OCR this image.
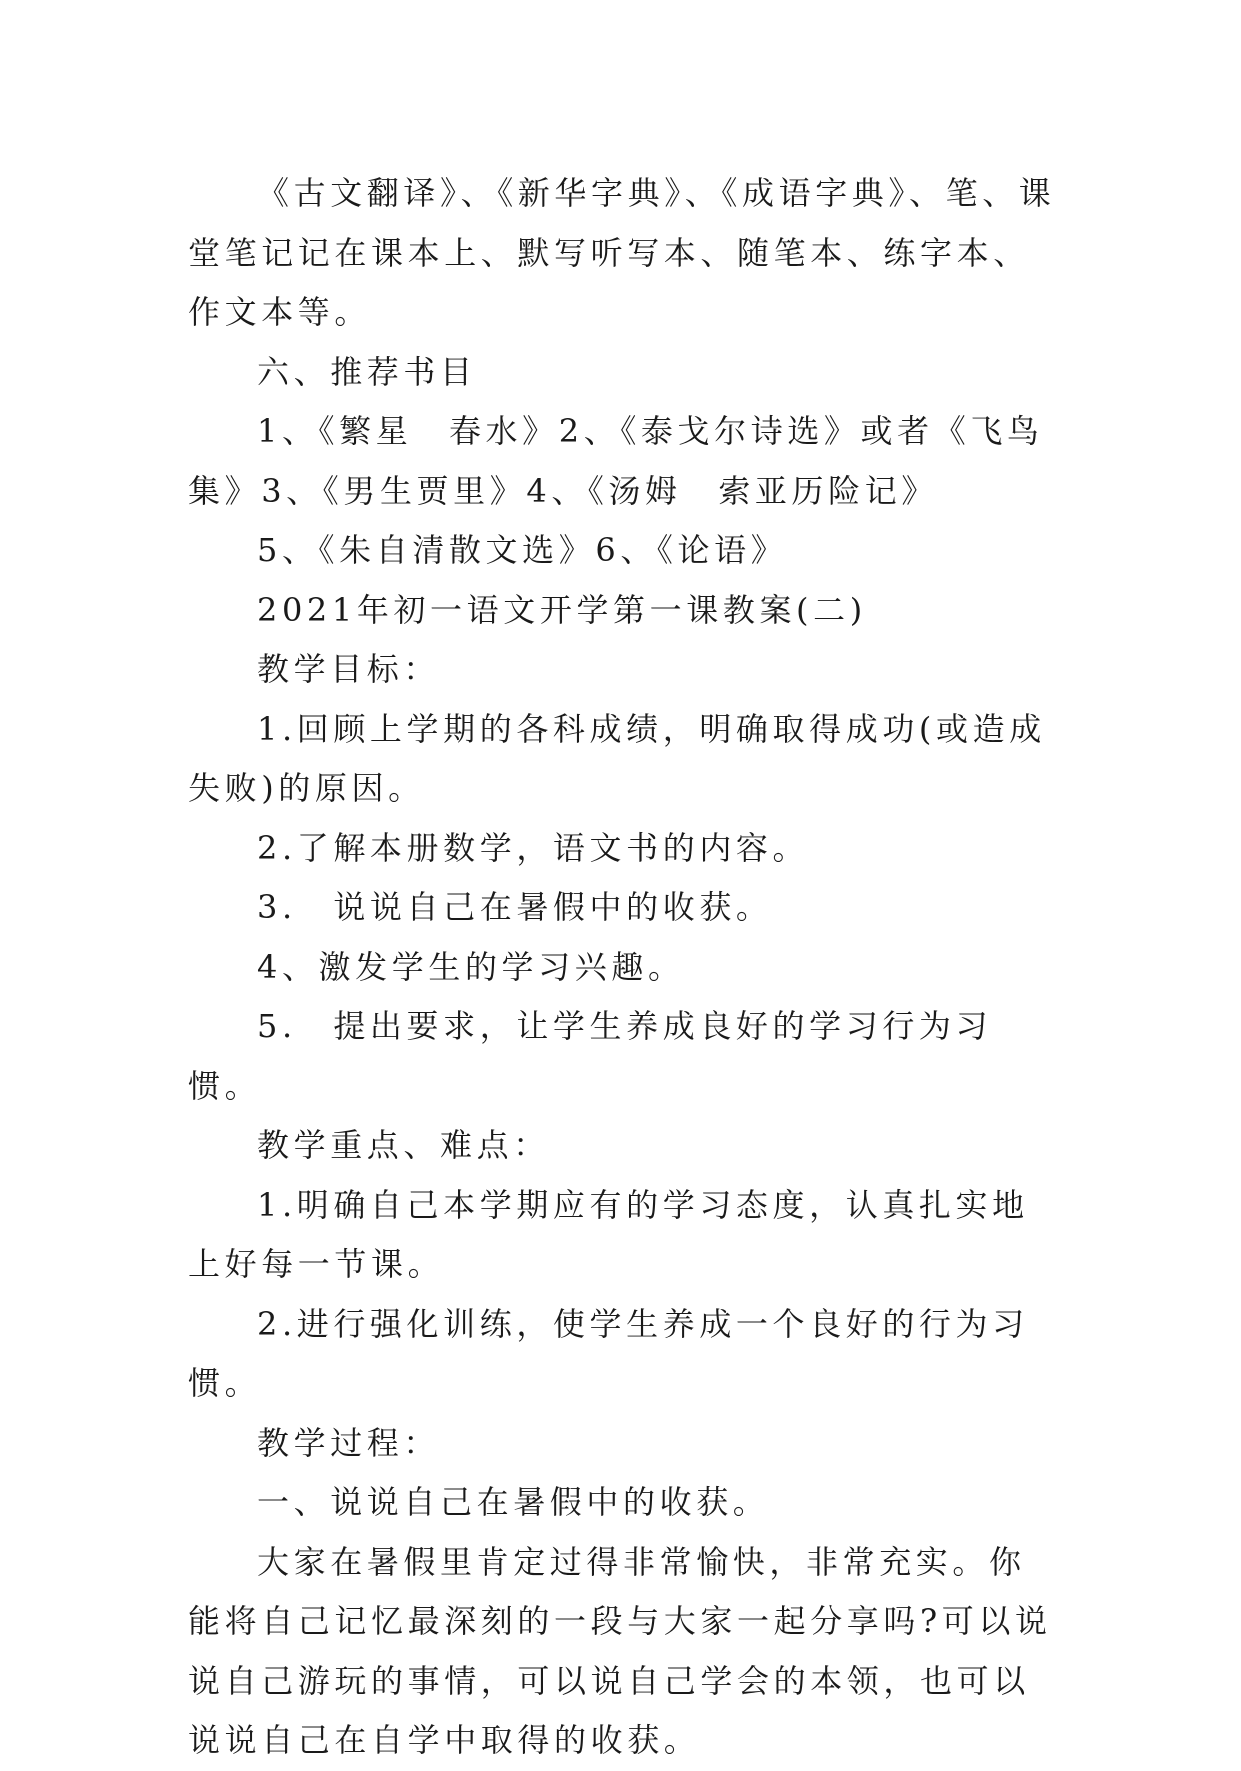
《古文翻译》、《新华字典》、《成语字典》、笔、课堂笔记记在课本上、默写听写本、随笔本、练字本、作文本等。

六、推荐书目

1、《繁星　春水》2、《泰戈尔诗选》或者《飞鸟集》3、《男生贾里》4、《汤姆　索亚历险记》

5、《朱自清散文选》6、《论语》

2021年初一语文开学第一课教案(二)

教学目标：

1.回顾上学期的各科成绩，明确取得成功(或造成失败)的原因。

2.了解本册数学，语文书的内容。

3.　说说自己在暑假中的收获。

4、激发学生的学习兴趣。

5.　提出要求，让学生养成良好的学习行为习惯。

教学重点、难点：

1.明确自己本学期应有的学习态度，认真扎实地上好每一节课。

2.进行强化训练，使学生养成一个良好的行为习惯。

教学过程：

一、说说自己在暑假中的收获。

大家在暑假里肯定过得非常愉快，非常充实。你能将自己记忆最深刻的一段与大家一起分享吗?可以说说自己游玩的事情，可以说自己学会的本领，也可以说说自己在自学中取得的收获。
